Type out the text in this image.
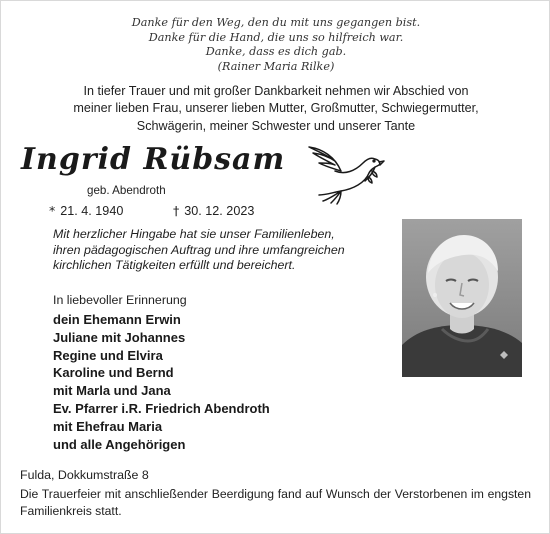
Danke für den Weg, den du mit uns gegangen bist.
Danke für die Hand, die uns so hilfreich war.
Danke, dass es dich gab.
(Rainer Maria Rilke)
In tiefer Trauer und mit großer Dankbarkeit nehmen wir Abschied von
meiner lieben Frau, unserer lieben Mutter, Großmutter, Schwiegermutter,
Schwägerin, meiner Schwester und unserer Tante
Ingrid Rübsam
geb. Abendroth
* 21. 4. 1940	† 30. 12. 2023
Mit herzlicher Hingabe hat sie unser Familienleben,
ihren pädagogischen Auftrag und ihre umfangreichen
kirchlichen Tätigkeiten erfüllt und bereichert.
In liebevoller Erinnerung
dein Ehemann Erwin
Juliane mit Johannes
Regine und Elvira
Karoline und Bernd
mit Marla und Jana
Ev. Pfarrer i.R. Friedrich Abendroth
mit Ehefrau Maria
und alle Angehörigen
Fulda, Dokkumstraße 8
Die Trauerfeier mit anschließender Beerdigung fand auf Wunsch der Verstorbenen im engsten Familienkreis statt.
